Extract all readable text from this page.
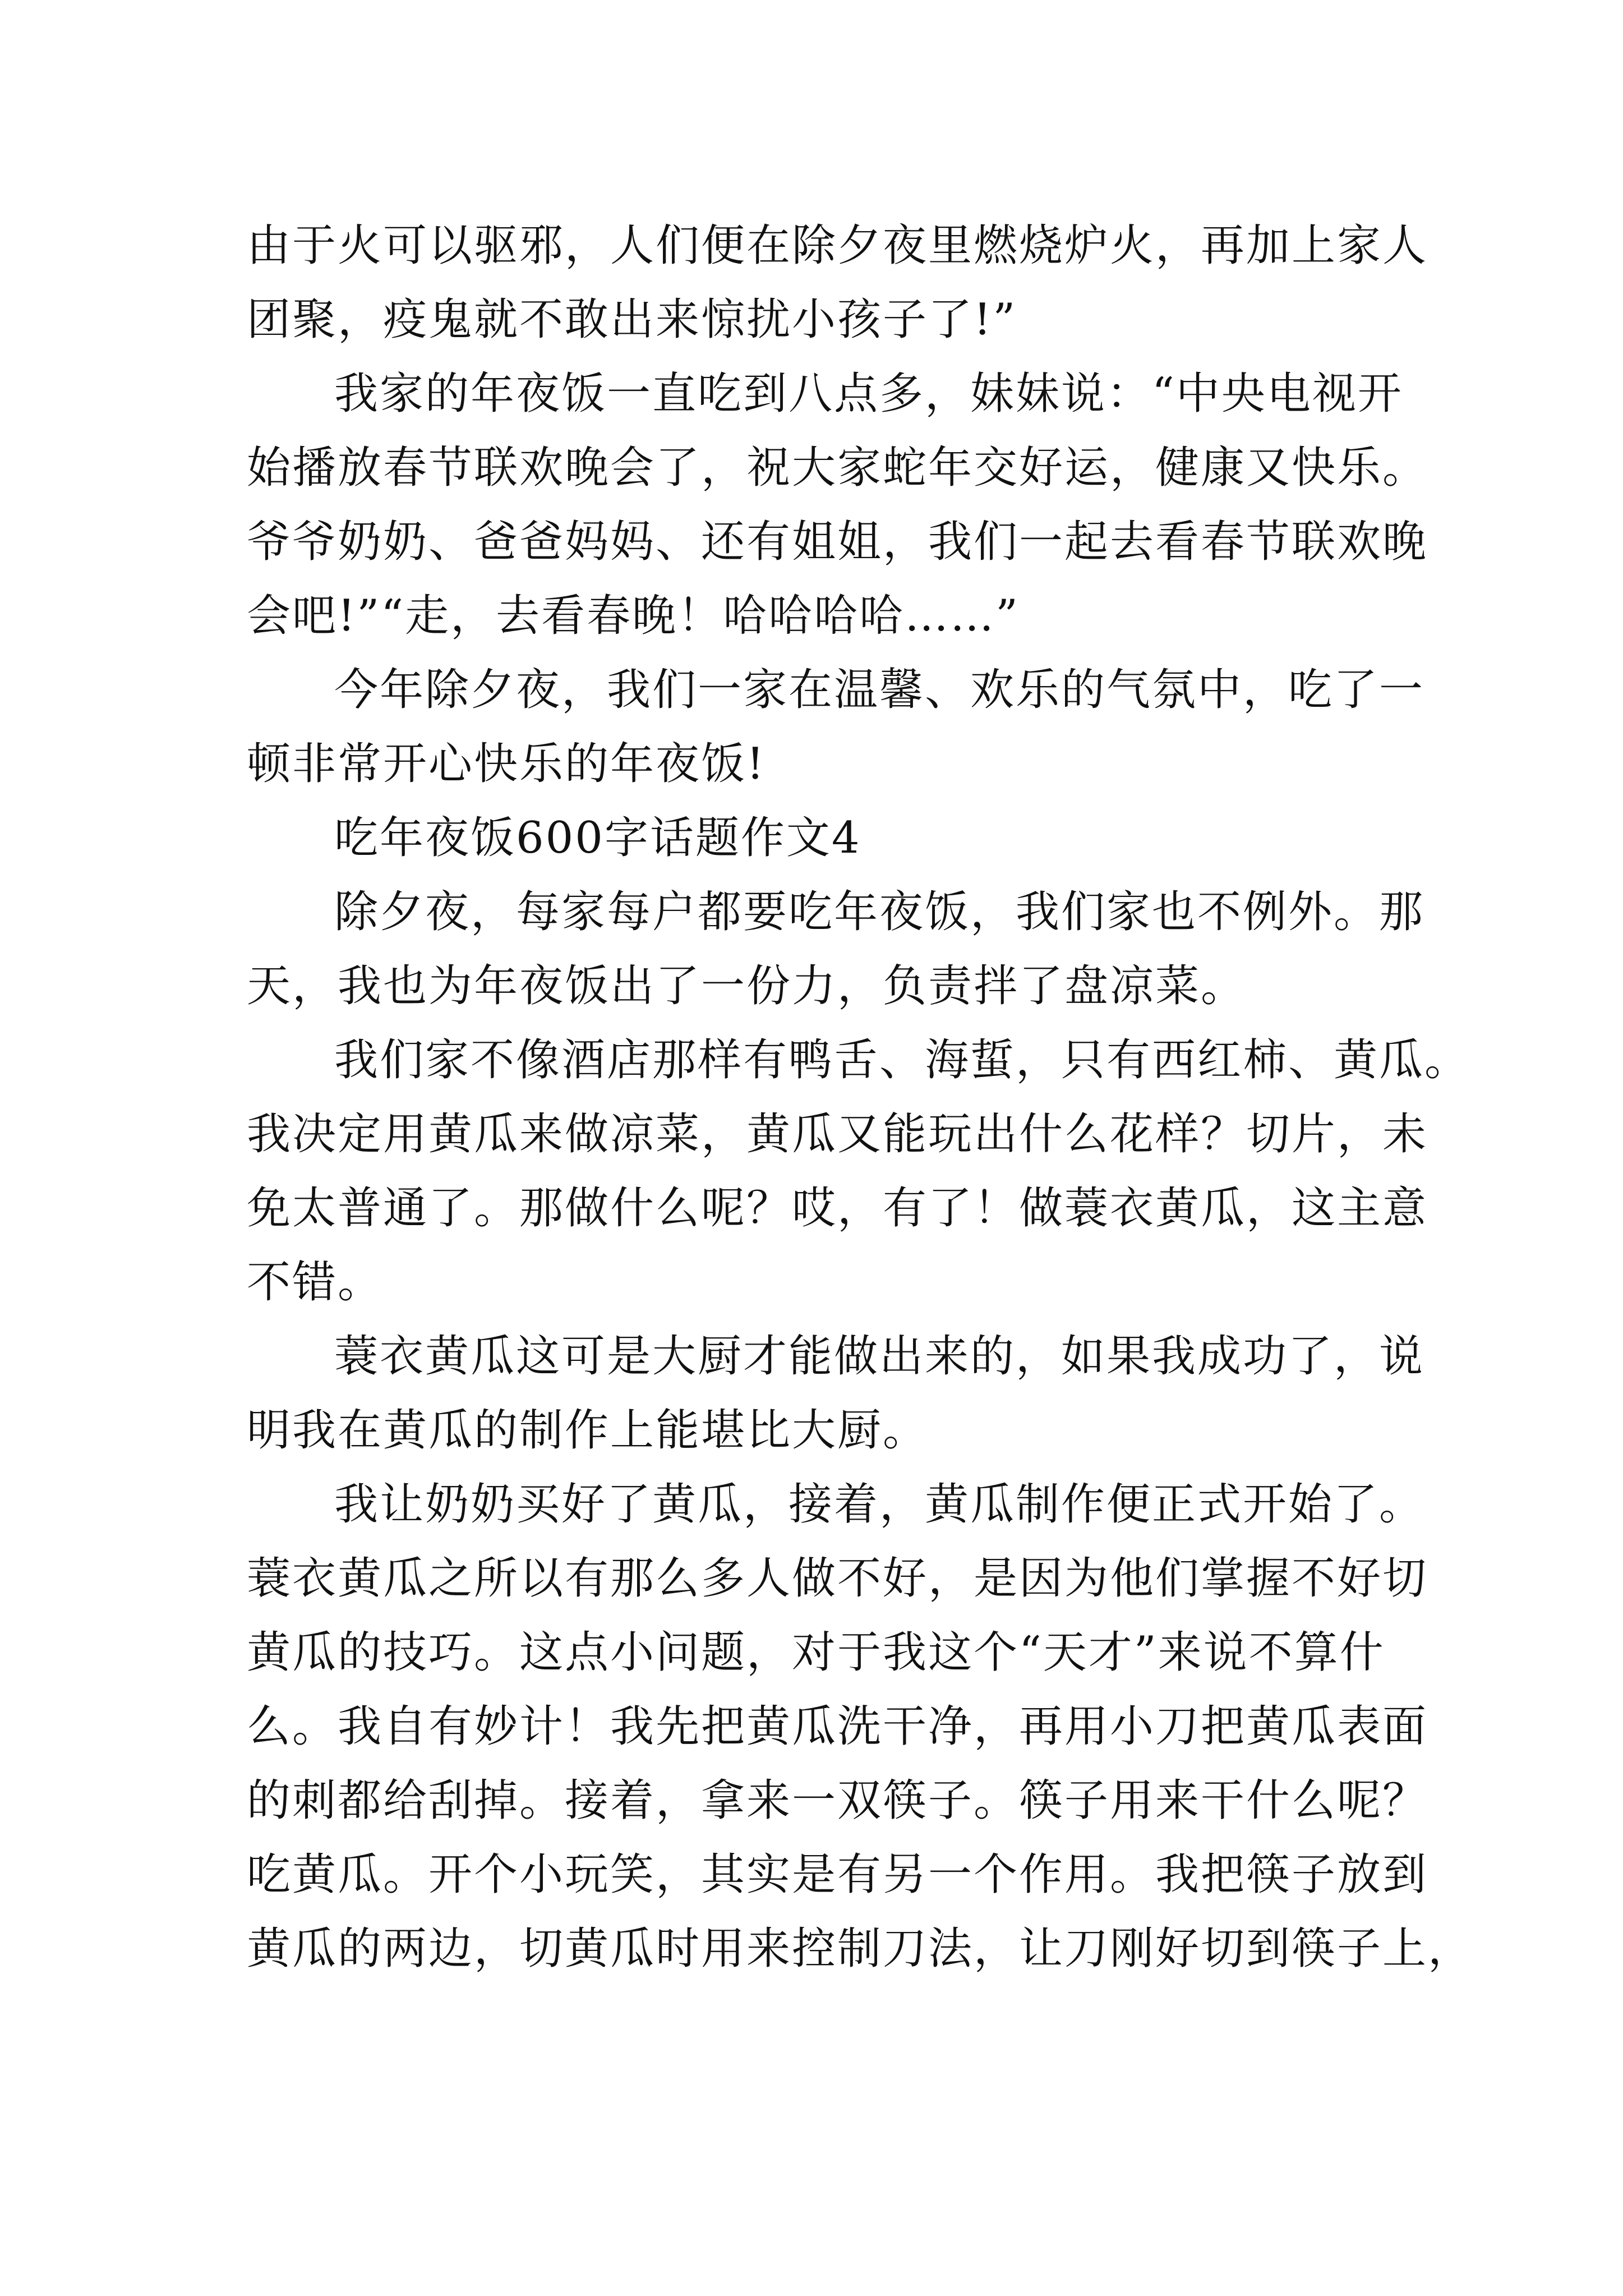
由于火可以驱邪，人们便在除夕夜里燃烧炉火，再加上家人
团聚，疫鬼就不敢出来惊扰小孩子了!”
我家的年夜饭一直吃到八点多，妹妹说：“中央电视开
始播放春节联欢晚会了，祝大家蛇年交好运，健康又快乐。
爷爷奶奶、爸爸妈妈、还有姐姐，我们一起去看春节联欢晚
会吧!”“走，去看春晚！哈哈哈哈……”
今年除夕夜，我们一家在温馨、欢乐的气氛中，吃了一
顿非常开心快乐的年夜饭!
吃年夜饭600字话题作文4
除夕夜，每家每户都要吃年夜饭，我们家也不例外。那
天，我也为年夜饭出了一份力，负责拌了盘凉菜。
我们家不像酒店那样有鸭舌、海蜇，只有西红柿、黄瓜。
我决定用黄瓜来做凉菜，黄瓜又能玩出什么花样？切片，未
免太普通了。那做什么呢？哎，有了！做蓑衣黄瓜，这主意
不错。
蓑衣黄瓜这可是大厨才能做出来的，如果我成功了，说
明我在黄瓜的制作上能堪比大厨。
我让奶奶买好了黄瓜，接着，黄瓜制作便正式开始了。
蓑衣黄瓜之所以有那么多人做不好，是因为他们掌握不好切
黄瓜的技巧。这点小问题，对于我这个“天才”来说不算什
么。我自有妙计！我先把黄瓜洗干净，再用小刀把黄瓜表面
的刺都给刮掉。接着，拿来一双筷子。筷子用来干什么呢？
吃黄瓜。开个小玩笑，其实是有另一个作用。我把筷子放到
黄瓜的两边，切黄瓜时用来控制刀法，让刀刚好切到筷子上，
